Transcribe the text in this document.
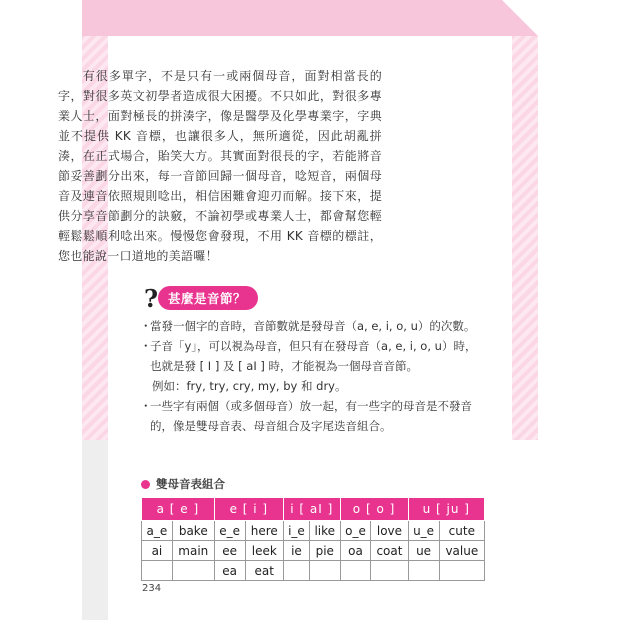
有很多單字，不是只有一或兩個母音，面對相當長的字，對很多英文初學者造成很大困擾。不只如此，對很多專業人士，面對極長的拼湊字，像是醫學及化學專業字，字典並不提供 KK 音標，也讓很多人，無所適從，因此胡亂拼湊，在正式場合，貽笑大方。其實面對很長的字，若能將音節妥善劃分出來，每一音節回歸一個母音，唸短音，兩個母音及連音依照規則唸出，相信困難會迎刃而解。接下來，提供分享音節劃分的訣竅，不論初學或專業人士，都會幫您輕輕鬆鬆順利唸出來。慢慢您會發現，不用 KK 音標的標註，您也能說一口道地的美語囉！

? 甚麼是音節？
・
當發一個字的音時，音節數就是發母音（a, e, i, o, u）的次數。
・
子音「y」，可以視為母音，但只有在發母音（a, e, i, o, u）時，
也就是發 [ I ] 及 [ aI ] 時，才能視為一個母音音節。
例如：fry, try, cry, my, by 和 dry。
・
一些字有兩個（或多個母音）放一起，有一些字的母音是不發音
的，像是雙母音表、母音組合及字尾迭音組合。
雙母音表組合
a [ e ]		e [ i ]		i [ aI ]		o [ o ]		u [ ju ]	
a_e	bake	e_e	here	i_e	like	o_e	love	u_e	cute
ai	main	ee	leek	ie	pie	oa	coat	ue	value
		ea	eat						
234
